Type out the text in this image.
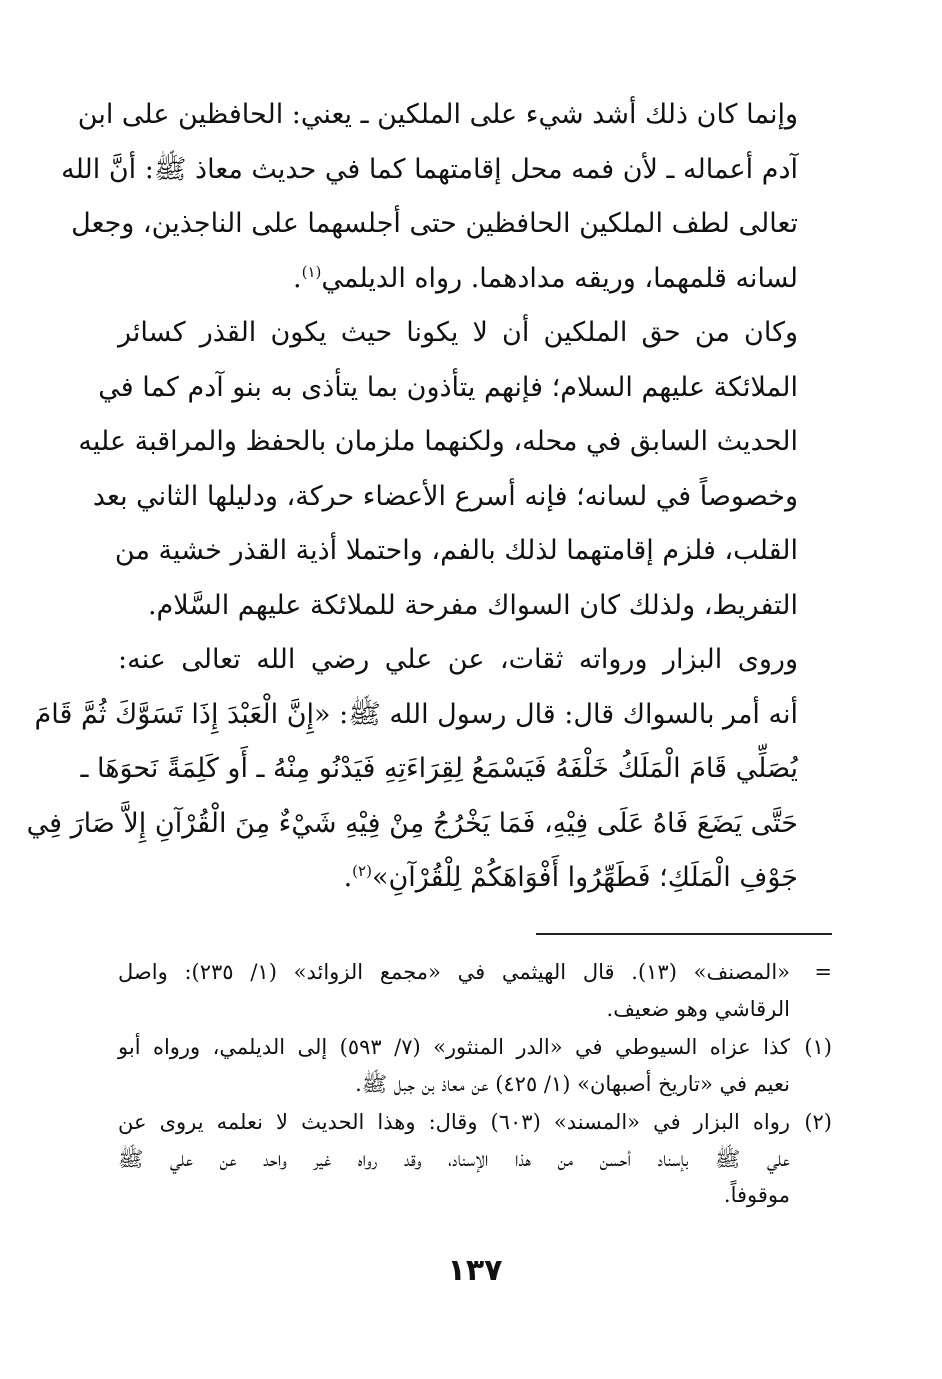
وإنما كان ذلك أشد شيء على الملكين ـ يعني: الحافظين على ابن
آدم أعماله ـ لأن فمه محل إقامتهما كما في حديث معاذ ﷺ: أنَّ الله
تعالى لطف الملكين الحافظين حتى أجلسهما على الناجذين، وجعل
لسانه قلمهما، وريقه مدادهما. رواه الديلمي$^{(١)}$.

وكان من حق الملكين أن لا يكونا حيث يكون القذر كسائر
الملائكة عليهم السلام؛ فإنهم يتأذون بما يتأذى به بنو آدم كما في
الحديث السابق في محله، ولكنهما ملزمان بالحفظ والمراقبة عليه
وخصوصاً في لسانه؛ فإنه أسرع الأعضاء حركة، ودليلها الثاني بعد
القلب، فلزم إقامتهما لذلك بالفم، واحتملا أذية القذر خشية من
التفريط، ولذلك كان السواك مفرحة للملائكة عليهم السَّلام.

وروى البزار ورواته ثقات، عن علي رضي الله تعالى عنه:
أنه أمر بالسواك قال: قال رسول الله ﷺ: «إِنَّ الْعَبْدَ إِذَا تَسَوَّكَ ثُمَّ قَامَ
يُصَلِّي قَامَ الْمَلَكُ خَلْفَهُ فَيَسْمَعُ لِقِرَاءَتِهِ فَيَدْنُو مِنْهُ ـ أَو كَلِمَةً نَحوَهَا ـ
حَتَّى يَضَعَ فَاهُ عَلَى فِيْهِ، فَمَا يَخْرُجُ مِنْ فِيْهِ شَيْءٌ مِنَ الْقُرْآنِ إِلاَّ صَارَ فِي
جَوْفِ الْمَلَكِ؛ فَطَهِّرُوا أَفْوَاهَكُمْ لِلْقُرْآنِ»$^{(٢)}$.

=
«المصنف» (١٣). قال الهيثمي في «مجمع الزوائد» (١/ ٢٣٥): واصل
الرقاشي وهو ضعيف.
(١)
كذا عزاه السيوطي في «الدر المنثور» (٧/ ٥٩٣) إلى الديلمي، ورواه أبو
نعيم في «تاريخ أصبهان» (١/ ٤٢٥) عن معاذ بن جبل ﷺ.
(٢)
رواه البزار في «المسند» (٦٠٣) وقال: وهذا الحديث لا نعلمه يروى عن
علي ﷺ بإسناد أحسن من هذا الإسناد، وقد رواه غير واحد عن علي ﷺ
موقوفاً.
١٣٧
